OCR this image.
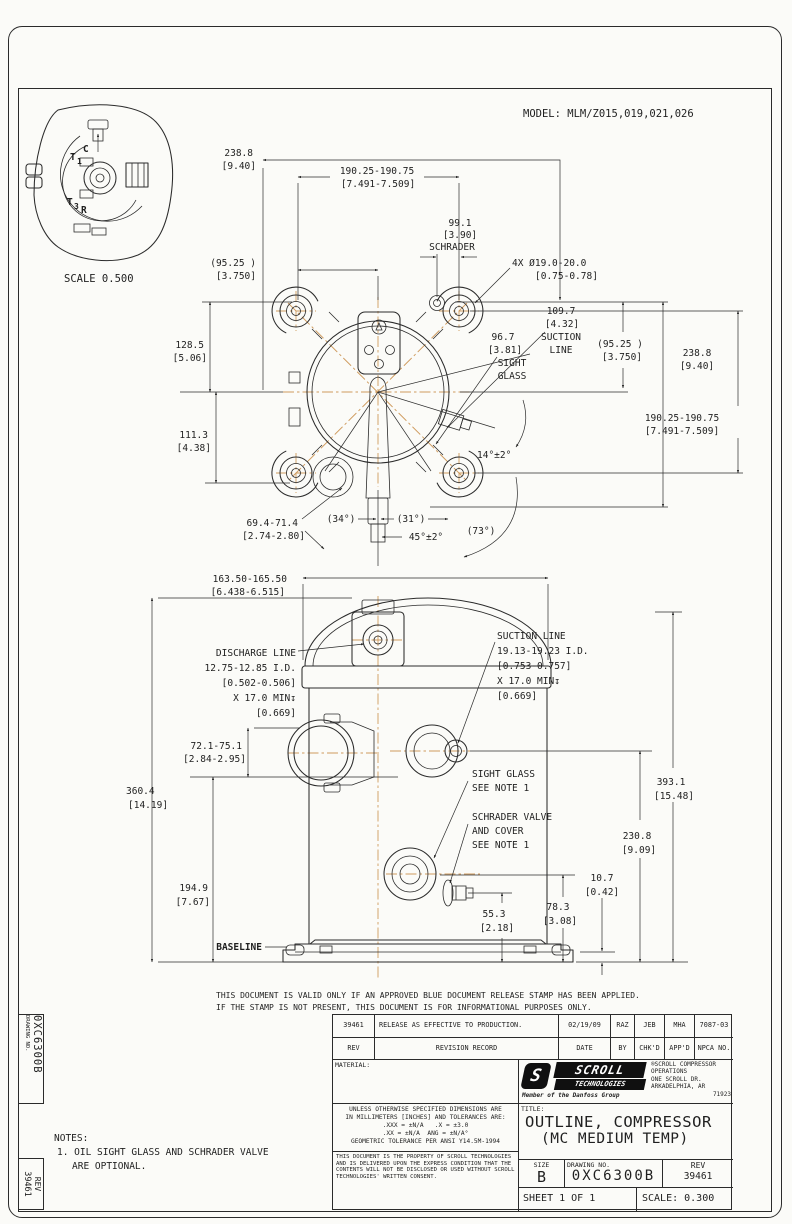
MODEL: MLM/Z015,019,021,026
T 1
C
T 3 R
SCALE 0.500
238.8
[9.40]	190.25-190.75
[7.491-7.509]
(95.25 )
[3.750]
99.1
[3.90]
SCHRADER
4X Ø19.0-20.0
[0.75-0.78]
128.5
[5.06]
111.3
[4.38]
109.7
[4.32]
SUCTION
LINE
96.7
[3.81]
SIGHT
GLASS
(95.25 )
[3.750]	238.8
[9.40]
190.25-190.75
[7.491-7.509]
14°±2°
69.4-71.4
[2.74-2.80]
(34°)	(31°)
45°±2°
(73°)
163.50-165.50
[6.438-6.515]
DISCHARGE LINE
12.75-12.85 I.D.
[0.502-0.506]
X 17.0 MIN↧
[0.669]
SUCTION LINE
19.13-19.23 I.D.
[0.753-0.757]
X 17.0 MIN↧
[0.669]
72.1-75.1
[2.84-2.95]
360.4
[14.19]
194.9
[7.67]
BASELINE
SIGHT GLASS
SEE NOTE 1
SCHRADER VALVE
AND COVER
SEE NOTE 1
55.3
[2.18]
78.3
[3.08]
10.7
[0.42]
230.8
[9.09]
393.1
[15.48]
THIS DOCUMENT IS VALID ONLY IF AN APPROVED BLUE DOCUMENT RELEASE STAMP HAS BEEN APPLIED.
IF THE STAMP IS NOT PRESENT, THIS DOCUMENT IS FOR INFORMATIONAL PURPOSES ONLY.
NOTES:
1. OIL SIGHT GLASS AND SCHRADER VALVE
ARE OPTIONAL.
0XC6300B
DRAWING NO.
REV
39461
39461	RELEASE AS EFFECTIVE TO PRODUCTION.	02/19/09	RAZ	JEB	MHA	7087-03
REV	REVISION RECORD	DATE	BY	CHK'D	APP'D	NPCA NO.
MATERIAL:
UNLESS OTHERWISE SPECIFIED DIMENSIONS ARE
IN MILLIMETERS [INCHES] AND TOLERANCES ARE:
.XXX = ±N/A   .X = ±3.0
.XX = ±N/A  ANG = ±N/A°
GEOMETRIC TOLERANCE PER ANSI Y14.5M-1994
THIS DOCUMENT IS THE PROPERTY OF SCROLL TECHNOLOGIES
AND IS DELIVERED UPON THE EXPRESS CONDITION THAT THE
CONTENTS WILL NOT BE DISCLOSED OR USED WITHOUT SCROLL
TECHNOLOGIES' WRITTEN CONSENT.
S	SCROLL
TECHNOLOGIES
Member of the Danfoss Group
®SCROLL COMPRESSOR
OPERATIONS
ONE SCROLL DR.
ARKADELPHIA, AR
71923
TITLE:
OUTLINE, COMPRESSOR
(MC MEDIUM TEMP)
SIZE
B
DRAWING NO.
0XC6300B
REV
39461
SHEET 1 OF 1	SCALE: 0.300
